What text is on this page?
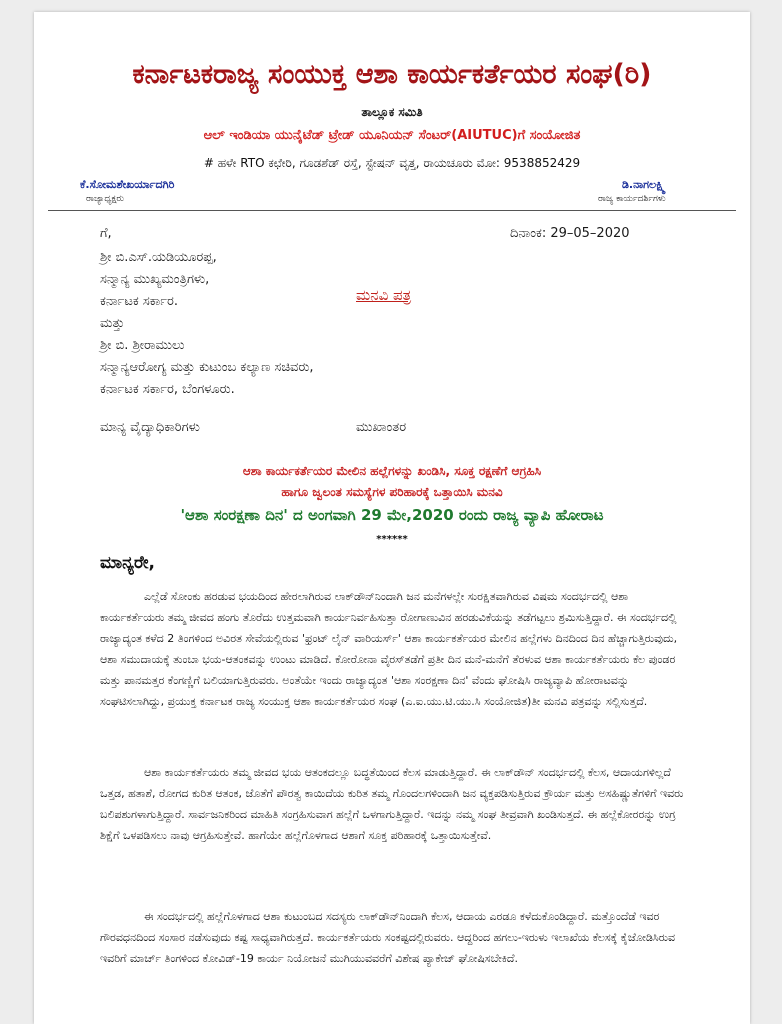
ಕರ್ನಾಟಕರಾಜ್ಯ ಸಂಯುಕ್ತ ಆಶಾ ಕಾರ್ಯಕರ್ತೆಯರ ಸಂಘ(ರಿ)
ತಾಲ್ಲೂಕ ಸಮಿತಿ
ಆಲ್ ಇಂಡಿಯಾ ಯುನೈಟೆಡ್ ಟ್ರೇಡ್ ಯೂನಿಯನ್ ಸೆಂಟರ್(AIUTUC)ಗೆ ಸಂಯೋಜಿತ
# ಹಳೇ RTO ಕಛೇರಿ, ಗೂಡಶೆಡ್ ರಸ್ತೆ, ಸ್ಟೇಷನ್ ವೃತ್ತ, ರಾಯಚೂರು ಮೋ: 9538852429
ಕೆ.ಸೋಮಶೇಖರ್ಯಾದಗಿರಿ
ರಾಜ್ಯಾಧ್ಯಕ್ಷರು
ಡಿ.ನಾಗಲಕ್ಷ್ಮಿ
ರಾಜ್ಯ ಕಾರ್ಯದರ್ಶಿಗಳು
ಗೆ,	ದಿನಾಂಕ: 29–05–2020
ಶ್ರೀ ಬಿ.ಎಸ್.ಯಡಿಯೂರಪ್ಪ,
ಸನ್ಮಾನ್ಯ ಮುಖ್ಯಮಂತ್ರಿಗಳು,
ಕರ್ನಾಟಕ ಸರ್ಕಾರ.	ಮನವಿ ಪತ್ರ
ಮತ್ತು
ಶ್ರೀ ಬಿ. ಶ್ರೀರಾಮುಲು
ಸನ್ಮಾನ್ಯಆರೋಗ್ಯ ಮತ್ತು ಕುಟುಂಬ ಕಲ್ಯಾಣ ಸಚಿವರು,
ಕರ್ನಾಟಕ ಸರ್ಕಾರ, ಬೆಂಗಳೂರು.
ಮಾನ್ಯ ವೈದ್ಯಾಧಿಕಾರಿಗಳು	ಮುಖಾಂತರ
ಆಶಾ ಕಾರ್ಯಕರ್ತೆಯರ ಮೇಲಿನ ಹಲ್ಲೆಗಳನ್ನು ಖಂಡಿಸಿ, ಸೂಕ್ತ ರಕ್ಷಣೆಗೆ ಆಗ್ರಹಿಸಿ
ಹಾಗೂ ಜ್ವಲಂತ ಸಮಸ್ಯೆಗಳ ಪರಿಹಾರಕ್ಕೆ ಒತ್ತಾಯಿಸಿ ಮನವಿ
'ಆಶಾ ಸಂರಕ್ಷಣಾ ದಿನ' ದ ಅಂಗವಾಗಿ 29 ಮೇ,2020 ರಂದು ರಾಜ್ಯ ವ್ಯಾಪಿ ಹೋರಾಟ
******
ಮಾನ್ಯರೇ,
ಎಲ್ಲೆಡೆ ಸೋಂಕು ಹರಡುವ ಭಯದಿಂದ ಹೇರಲಾಗಿರುವ ಲಾಕ್‌ಡೌನ್‌ನಿಂದಾಗಿ ಜನ ಮನೆಗಳಲ್ಲೇ ಸುರಕ್ಷಿತವಾಗಿರುವ ವಿಷಮ ಸಂದರ್ಭದಲ್ಲಿ ಆಶಾ ಕಾರ್ಯಕರ್ತೆಯರು ತಮ್ಮ ಜೀವದ ಹಂಗು ತೊರೆದು ಉತ್ತಮವಾಗಿ ಕಾರ್ಯನಿರ್ವಹಿಸುತ್ತಾ ರೋಗಾಣುವಿನ ಹರಡುವಿಕೆಯನ್ನು ತಡೆಗಟ್ಟಲು ಶ್ರಮಿಸುತ್ತಿದ್ದಾರೆ. ಈ ಸಂದರ್ಭದಲ್ಲಿ ರಾಜ್ಯಾದ್ಯಂತ ಕಳೆದ 2 ತಿಂಗಳಿಂದ ಅವಿರತ ಸೇವೆಯಲ್ಲಿರುವ 'ಫ್ರಂಟ್ ಲೈನ್ ವಾರಿಯರ್ಸ್' ಆಶಾ ಕಾರ್ಯಕರ್ತೆಯರ ಮೇಲಿನ ಹಲ್ಲೆಗಳು ದಿನದಿಂದ ದಿನ ಹೆಚ್ಚಾಗುತ್ತಿರುವುದು, ಆಶಾ ಸಮುದಾಯಕ್ಕೆ ತುಂಬಾ ಭಯ-ಆತಂಕವನ್ನು ಉಂಟು ಮಾಡಿದೆ. ಕೋರೋನಾ ವೈರಸ್‌ತಡೆಗೆ ಪ್ರತೀ ದಿನ ಮನೆ-ಮನೆಗೆ ತೆರಳುವ ಆಶಾ ಕಾರ್ಯಕರ್ತೆಯರು ಕೆಲ ಪುಂಡರ ಮತ್ತು ಪಾನಮತ್ತರ ಕೆಂಗಣ್ಣಿಗೆ ಬಲಿಯಾಗುತ್ತಿರುವರು. ಅಂತೆಯೇ ಇಂದು ರಾಜ್ಯಾದ್ಯಂತ 'ಆಶಾ ಸಂರಕ್ಷಣಾ ದಿನ' ವೆಂದು ಘೋಷಿಸಿ ರಾಜ್ಯವ್ಯಾಪಿ ಹೋರಾಟವನ್ನು ಸಂಘಟಿಸಲಾಗಿದ್ದು, ಪ್ರಯುಕ್ತ ಕರ್ನಾಟಕ ರಾಜ್ಯ ಸಂಯುಕ್ತ ಆಶಾ ಕಾರ್ಯಕರ್ತೆಯರ ಸಂಘ (ಎ.ಐ.ಯು.ಟಿ.ಯು.ಸಿ ಸಂಯೋಜಿತ)ತೀ ಮನವಿ ಪತ್ರವನ್ನು ಸಲ್ಲಿಸುತ್ತದೆ.
ಆಶಾ ಕಾರ್ಯಕರ್ತೆಯರು ತಮ್ಮ ಜೀವದ ಭಯ ಆತಂಕದಲ್ಲೂ ಬದ್ಧತೆಯಿಂದ ಕೆಲಸ ಮಾಡುತ್ತಿದ್ದಾರೆ. ಈ ಲಾಕ್‌ಡೌನ್ ಸಂದರ್ಭದಲ್ಲಿ ಕೆಲಸ, ಆದಾಯಗಳಿಲ್ಲದೆ ಒತ್ತಡ, ಹತಾಶೆ, ರೋಗದ ಕುರಿತ ಆತಂಕ, ಜೊತೆಗೆ ಪೌರತ್ವ ಕಾಯಿದೆಯ ಕುರಿತ ತಮ್ಮ ಗೊಂದಲಗಳಿಂದಾಗಿ ಜನ ವ್ಯಕ್ತಪಡಿಸುತ್ತಿರುವ ಕ್ರೌರ್ಯ ಮತ್ತು ಅಸಹಿಷ್ಣುತೆಗಳಿಗೆ ಇವರು ಬಲಿಪಶುಗಳಾಗುತ್ತಿದ್ದಾರೆ. ಸಾರ್ವಜನಿಕರಿಂದ ಮಾಹಿತಿ ಸಂಗ್ರಹಿಸುವಾಗ ಹಲ್ಲೆಗೆ ಒಳಗಾಗುತ್ತಿದ್ದಾರೆ. ಇದನ್ನು ನಮ್ಮ ಸಂಘ ತೀವ್ರವಾಗಿ ಖಂಡಿಸುತ್ತದೆ. ಈ ಹಲ್ಲೆಕೋರರನ್ನು ಉಗ್ರ ಶಿಕ್ಷೆಗೆ ಒಳಪಡಿಸಲು ನಾವು ಆಗ್ರಹಿಸುತ್ತೇವೆ. ಹಾಗೆಯೇ ಹಲ್ಲೆಗೊಳಗಾದ ಆಶಾಗೆ ಸೂಕ್ತ ಪರಿಹಾರಕ್ಕೆ ಒತ್ತಾಯಿಸುತ್ತೇವೆ.
ಈ ಸಂದರ್ಭದಲ್ಲಿ ಹಲ್ಲೆಗೊಳಗಾದ ಆಶಾ ಕುಟುಂಬದ ಸದಸ್ಯರು ಲಾಕ್‌ಡೌನ್‌ನಿಂದಾಗಿ ಕೆಲಸ, ಆದಾಯ ಎರಡೂ ಕಳೆದುಕೊಂಡಿದ್ದಾರೆ. ಮತ್ತೊಂದೆಡೆ ಇವರ ಗೌರವಧನದಿಂದ ಸಂಸಾರ ನಡೆಸುವುದು ಕಷ್ಟ ಸಾಧ್ಯವಾಗಿರುತ್ತದೆ. ಕಾರ್ಯಕರ್ತೆಯರು ಸಂಕಷ್ಟದಲ್ಲಿರುವರು. ಆದ್ದರಿಂದ ಹಗಲು-ಇರುಳು ಇಲಾಖೆಯ ಕೆಲಸಕ್ಕೆ ಕೈಜೋಡಿಸಿರುವ ಇವರಿಗೆ ಮಾರ್ಚ್ ತಿಂಗಳಿಂದ ಕೋವಿಡ್-19 ಕಾರ್ಯ ನಿಯೋಜನೆ ಮುಗಿಯುವವರೆಗೆ ವಿಶೇಷ ಪ್ಯಾಕೇಜ್ ಘೋಷಿಸಬೇಕಿದೆ.
